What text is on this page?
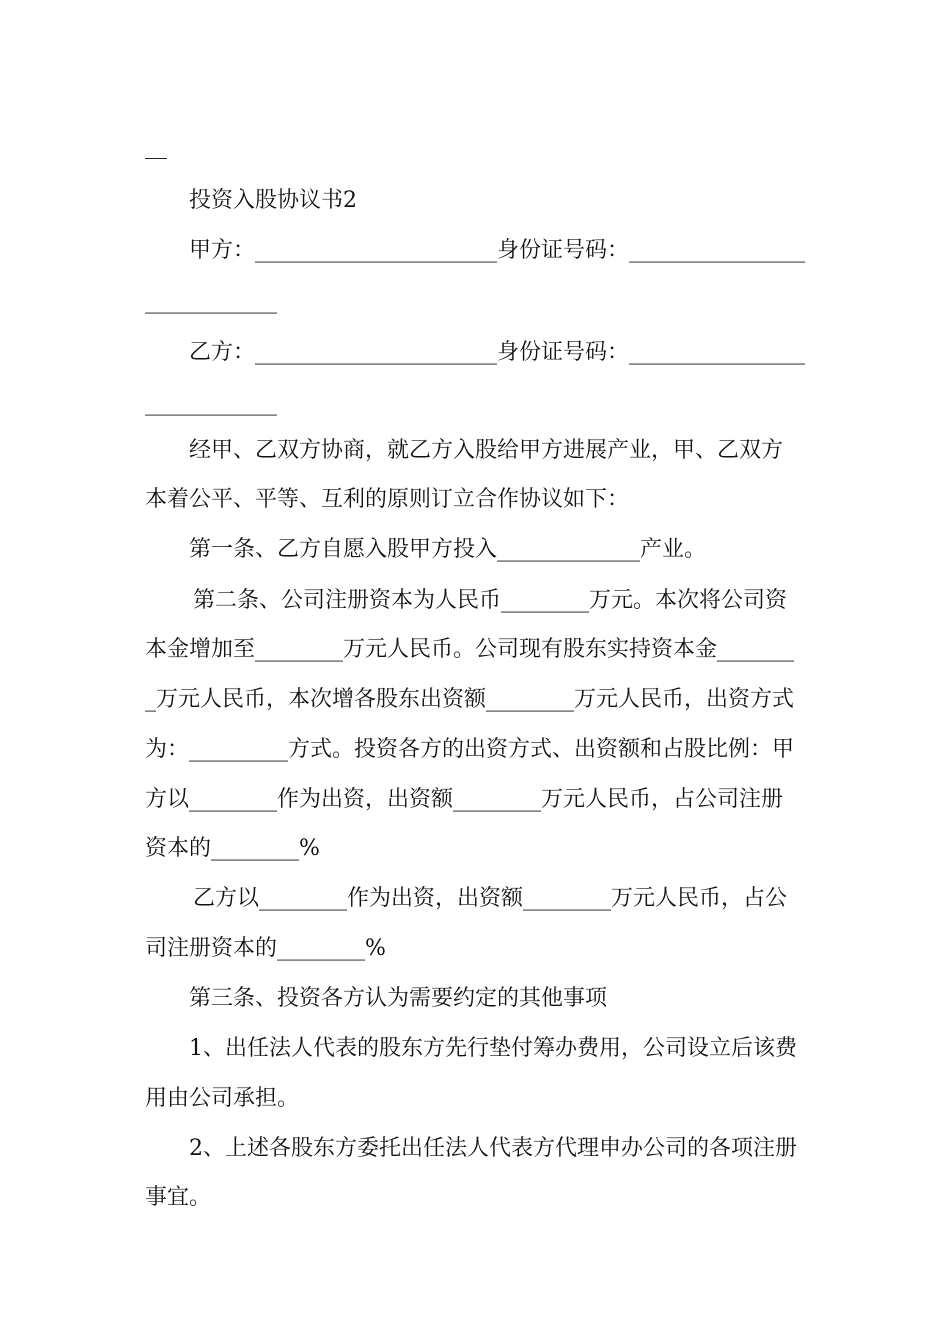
投资入股协议书2
甲方：______________________身份证号码：________________
____________
乙方：______________________身份证号码：________________
____________
经甲、乙双方协商，就乙方入股给甲方进展产业，甲、乙双方
本着公平、平等、互利的原则订立合作协议如下：
第一条、乙方自愿入股甲方投入_____________产业。
第二条、公司注册资本为人民币________万元。本次将公司资
本金增加至________万元人民币。公司现有股东实持资本金_______
_万元人民币，本次增各股东出资额________万元人民币，出资方式
为：_________方式。投资各方的出资方式、出资额和占股比例：甲
方以________作为出资，出资额________万元人民币，占公司注册
资本的________%
乙方以________作为出资，出资额________万元人民币，占公
司注册资本的________%
第三条、投资各方认为需要约定的其他事项
1、出任法人代表的股东方先行垫付筹办费用，公司设立后该费
用由公司承担。
2、上述各股东方委托出任法人代表方代理申办公司的各项注册
事宜。
